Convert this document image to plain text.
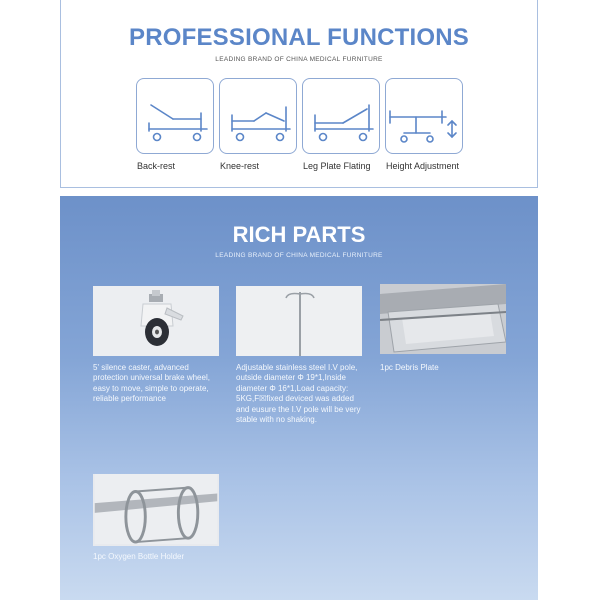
PROFESSIONAL FUNCTIONS
LEADING BRAND OF CHINA MEDICAL FURNITURE
Back-rest	Knee-rest	Leg Plate Flating Height Adjustment
RICH PARTS
LEADING BRAND OF CHINA MEDICAL FURNITURE
5' silence caster, advanced protection universal brake wheel, easy to move, simple to operate, reliable performance
Adjustable stainless steel I.V pole, outside diameter Φ 19*1,Inside diameter Φ 16*1,Load capacity: 5KG,F☒fixed deviced was added and eusure the I.V pole will be very stable with no shaking.
1pc Debris Plate
1pc Oxygen Bottle Holder
